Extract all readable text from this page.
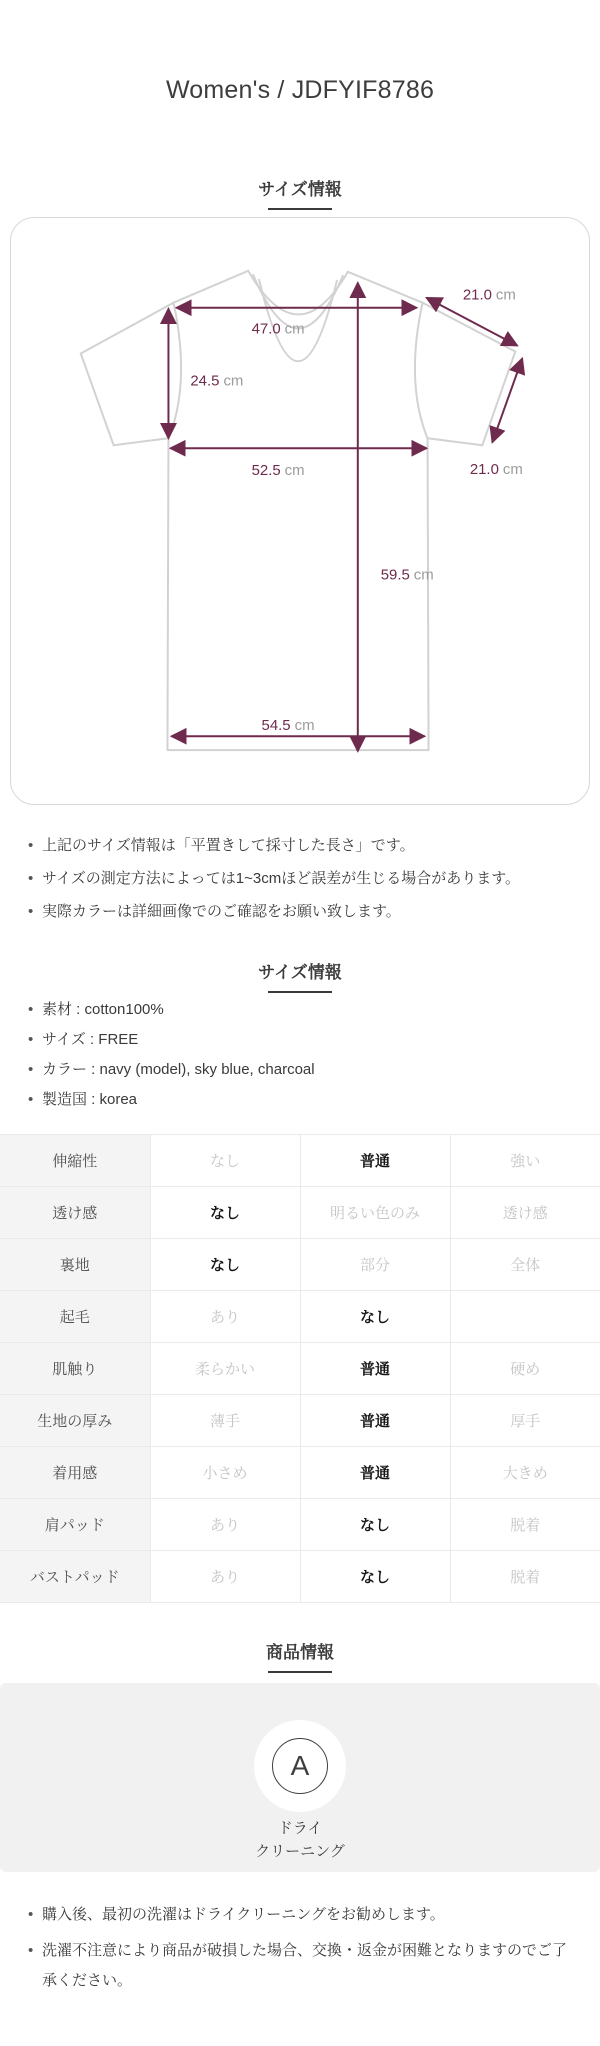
Women's / JDFYIF8786
サイズ情報
47.0 cm
24.5 cm
21.0 cm
21.0 cm
52.5 cm
59.5 cm
54.5 cm
• 上記のサイズ情報は「平置きして採寸した長さ」です。
• サイズの測定方法によっては1~3cmほど誤差が生じる場合があります。
• 実際カラーは詳細画像でのご確認をお願い致します。
サイズ情報
• 素材 : cotton100%
• サイズ : FREE
• カラー : navy (model), sky blue, charcoal
• 製造国 : korea
伸縮性	なし	普通	強い
透け感	なし	明るい色のみ	透け感
裏地	なし	部分	全体
起毛	あり	なし	
肌触り	柔らかい	普通	硬め
生地の厚み	薄手	普通	厚手
着用感	小さめ	普通	大きめ
肩パッド	あり	なし	脱着
バストパッド	あり	なし	脱着
商品情報
A
ドライ
クリーニング
• 購入後、最初の洗濯はドライクリーニングをお勧めします。
• 洗濯不注意により商品が破損した場合、交換・返金が困難となりますのでご了承ください。
